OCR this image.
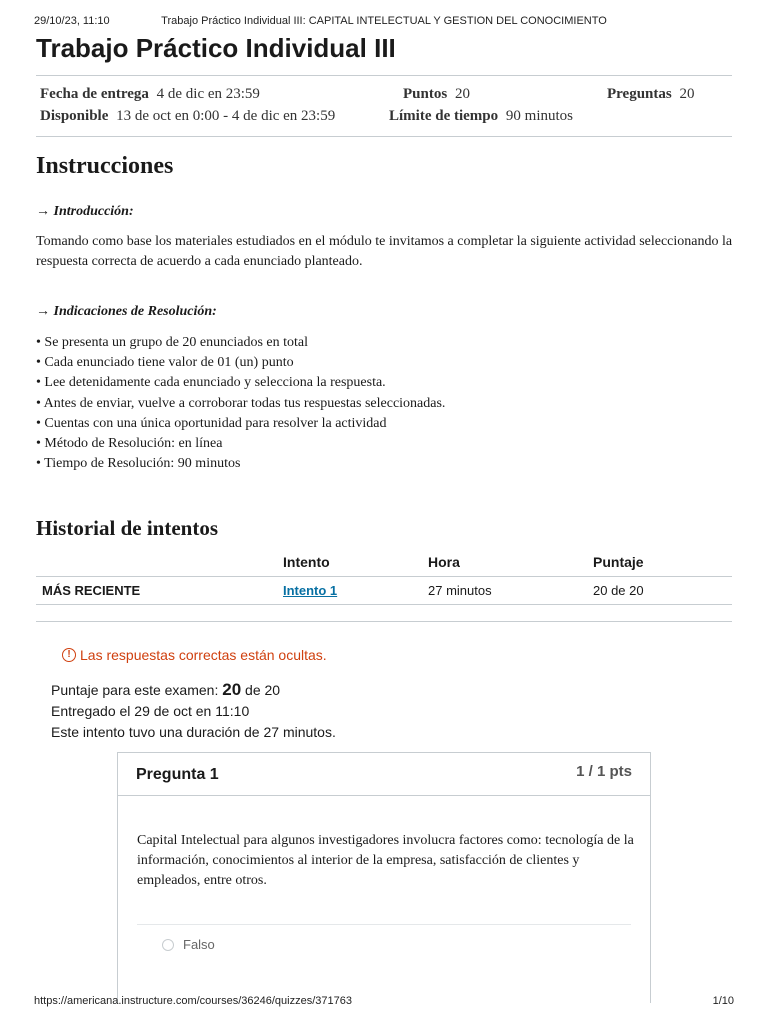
29/10/23, 11:10	Trabajo Práctico Individual III: CAPITAL INTELECTUAL Y GESTION DEL CONOCIMIENTO
Trabajo Práctico Individual III
Fecha de entrega 4 de dic en 23:59	Puntos 20	Preguntas 20
Disponible 13 de oct en 0:00 - 4 de dic en 23:59	Límite de tiempo 90 minutos
Instrucciones

→ Introducción:

Tomando como base los materiales estudiados en el módulo te invitamos a completar la siguiente actividad seleccionando la respuesta correcta de acuerdo a cada enunciado planteado.

→ Indicaciones de Resolución:

• Se presenta un grupo de 20 enunciados en total
• Cada enunciado tiene valor de 01 (un) punto
• Lee detenidamente cada enunciado y selecciona la respuesta.
• Antes de enviar, vuelve a corroborar todas tus respuestas seleccionadas.
• Cuentas con una única oportunidad para resolver la actividad
• Método de Resolución: en línea
• Tiempo de Resolución: 90 minutos
Historial de intentos
	Intento	Hora	Puntaje
MÁS RECIENTE	Intento 1	27 minutos	20 de 20
! Las respuestas correctas están ocultas.
Puntaje para este examen: 20 de 20
Entregado el 29 de oct en 11:10
Este intento tuvo una duración de 27 minutos.
Pregunta 1	1 / 1 pts

Capital Intelectual para algunos investigadores involucra factores como: tecnología de la información, conocimientos al interior de la empresa, satisfacción de clientes y empleados, entre otros.

Falso
https://americana.instructure.com/courses/36246/quizzes/371763	1/10
